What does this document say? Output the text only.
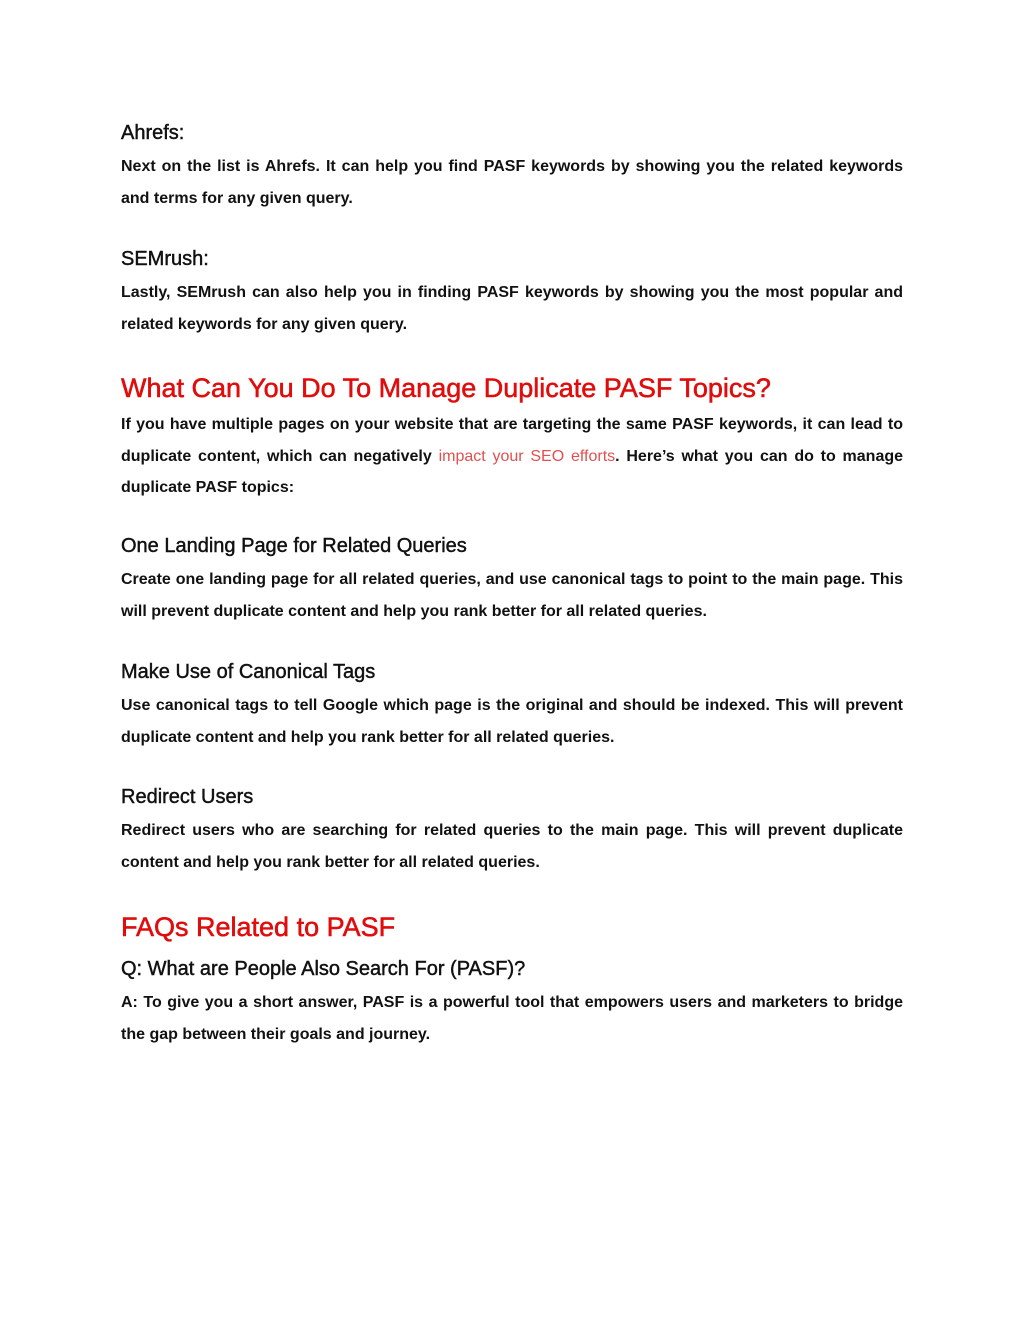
Ahrefs:

Next on the list is Ahrefs. It can help you find PASF keywords by showing you the related keywords and terms for any given query.

SEMrush:

Lastly, SEMrush can also help you in finding PASF keywords by showing you the most popular and related keywords for any given query.

What Can You Do To Manage Duplicate PASF Topics?

If you have multiple pages on your website that are targeting the same PASF keywords, it can lead to duplicate content, which can negatively impact your SEO efforts. Here’s what you can do to manage duplicate PASF topics:

One Landing Page for Related Queries

Create one landing page for all related queries, and use canonical tags to point to the main page. This will prevent duplicate content and help you rank better for all related queries.

Make Use of Canonical Tags

Use canonical tags to tell Google which page is the original and should be indexed. This will prevent duplicate content and help you rank better for all related queries.

Redirect Users

Redirect users who are searching for related queries to the main page. This will prevent duplicate content and help you rank better for all related queries.

FAQs Related to PASF
Q: What are People Also Search For (PASF)?

A: To give you a short answer, PASF is a powerful tool that empowers users and marketers to bridge the gap between their goals and journey.
